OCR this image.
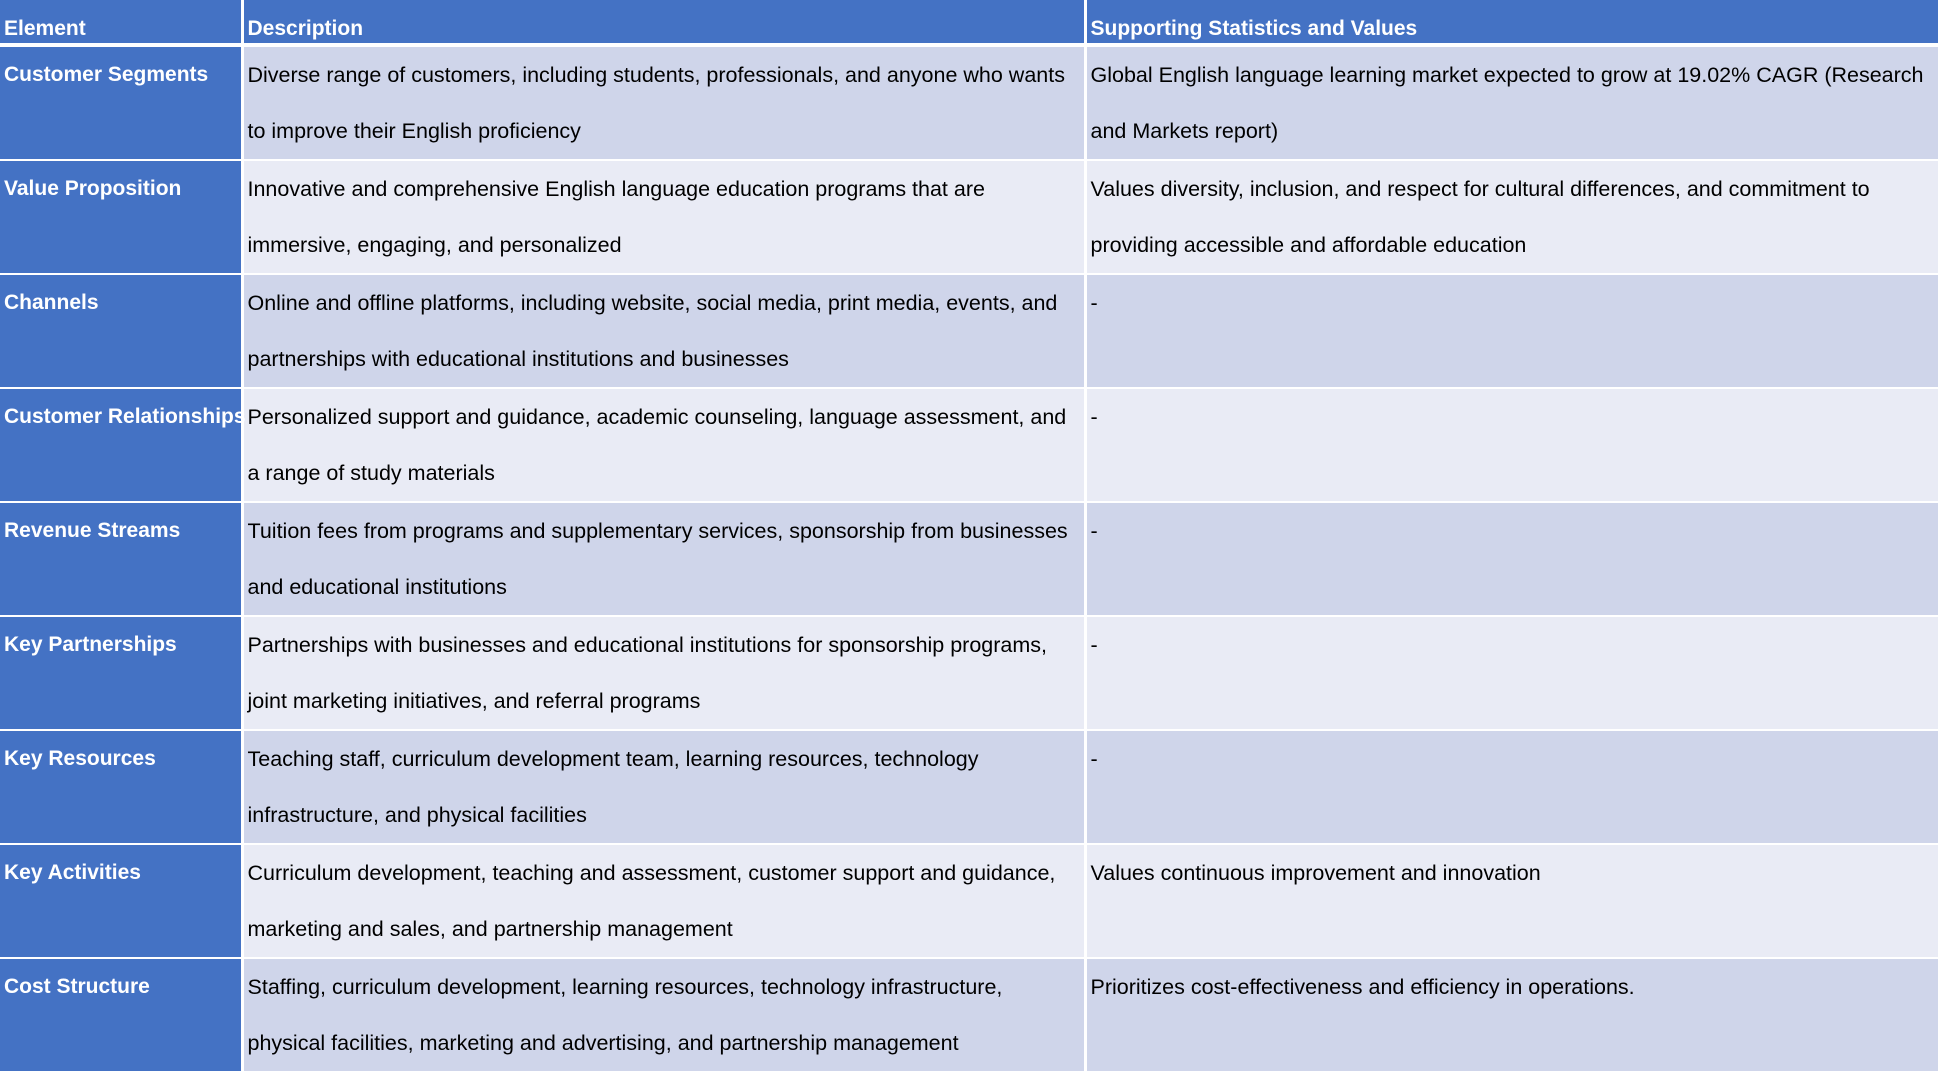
Element	Description	Supporting Statistics and Values
Customer Segments	Diverse range of customers, including students, professionals, and anyone who wants to improve their English proficiency	Global English language learning market expected to grow at 19.02% CAGR (Research and Markets report)
Value Proposition	Innovative and comprehensive English language education programs that are immersive, engaging, and personalized	Values diversity, inclusion, and respect for cultural differences, and commitment to providing accessible and affordable education
Channels	Online and offline platforms, including website, social media, print media, events, and partnerships with educational institutions and businesses	-
Customer Relationships	Personalized support and guidance, academic counseling, language assessment, and a range of study materials	-
Revenue Streams	Tuition fees from programs and supplementary services, sponsorship from businesses and educational institutions	-
Key Partnerships	Partnerships with businesses and educational institutions for sponsorship programs, joint marketing initiatives, and referral programs	-
Key Resources	Teaching staff, curriculum development team, learning resources, technology infrastructure, and physical facilities	-
Key Activities	Curriculum development, teaching and assessment, customer support and guidance, marketing and sales, and partnership management	Values continuous improvement and innovation
Cost Structure	Staffing, curriculum development, learning resources, technology infrastructure, physical facilities, marketing and advertising, and partnership management	Prioritizes cost-effectiveness and efficiency in operations.
